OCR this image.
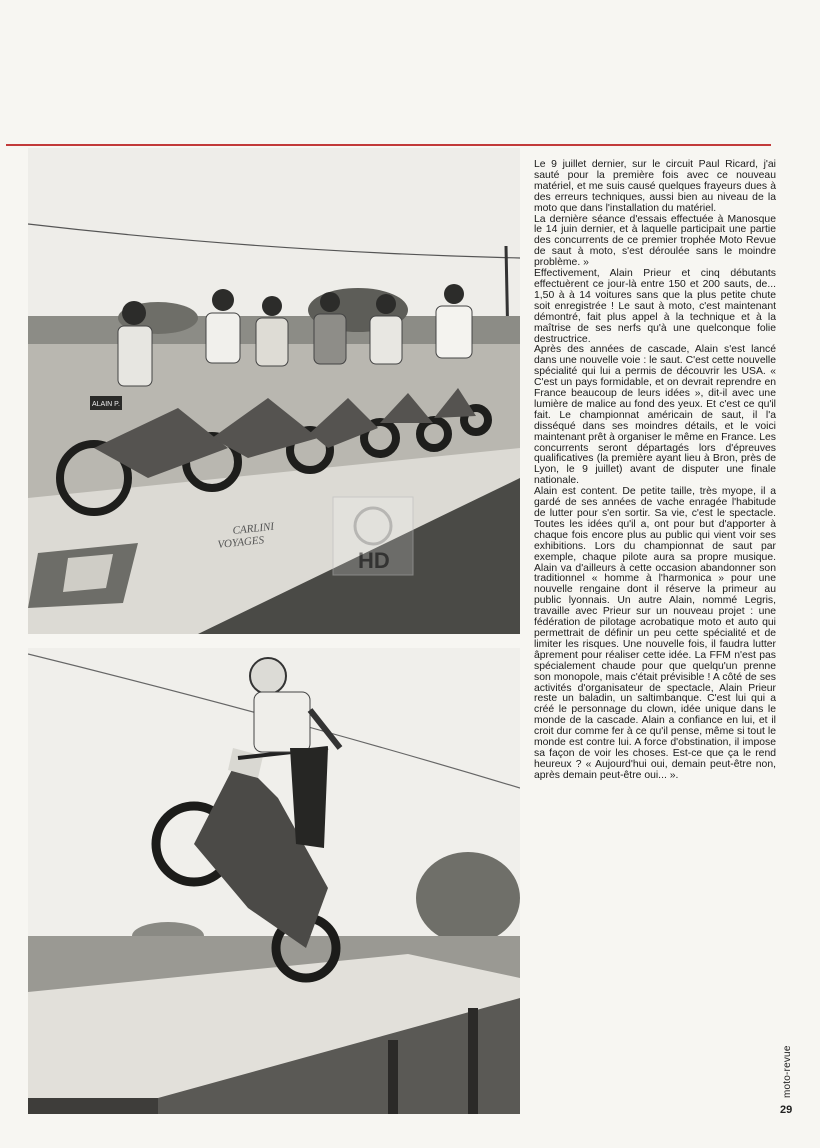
ALAIN P.
CARLINI
VOYAGES
HD

Le 9 juillet dernier, sur le circuit Paul Ricard, j'ai sauté pour la première fois avec ce nouveau matériel, et me suis causé quelques frayeurs dues à des erreurs techniques, aussi bien au niveau de la moto que dans l'installation du matériel.

La dernière séance d'essais effectuée à Manosque le 14 juin dernier, et à laquelle participait une partie des concurrents de ce premier trophée Moto Revue de saut à moto, s'est déroulée sans le moindre problème. »

Effectivement, Alain Prieur et cinq débutants effectuèrent ce jour-là entre 150 et 200 sauts, de... 1,50 à à 14 voitures sans que la plus petite chute soit enregistrée ! Le saut à moto, c'est maintenant démontré, fait plus appel à la technique et à la maîtrise de ses nerfs qu'à une quelconque folie destructrice.

Après des années de cascade, Alain s'est lancé dans une nouvelle voie : le saut. C'est cette nouvelle spécialité qui lui a permis de découvrir les USA. « C'est un pays formidable, et on devrait reprendre en France beaucoup de leurs idées », dit-il avec une lumière de malice au fond des yeux. Et c'est ce qu'il fait. Le championnat américain de saut, il l'a disséqué dans ses moindres détails, et le voici maintenant prêt à organiser le même en France. Les concurrents seront départagés lors d'épreuves qualificatives (la première ayant lieu à Bron, près de Lyon, le 9 juillet) avant de disputer une finale nationale.

Alain est content. De petite taille, très myope, il a gardé de ses années de vache enragée l'habitude de lutter pour s'en sortir. Sa vie, c'est le spectacle. Toutes les idées qu'il a, ont pour but d'apporter à chaque fois encore plus au public qui vient voir ses exhibitions. Lors du championnat de saut par exemple, chaque pilote aura sa propre musique. Alain va d'ailleurs à cette occasion abandonner son traditionnel « homme à l'harmonica » pour une nouvelle rengaine dont il réserve la primeur au public lyonnais. Un autre Alain, nommé Legris, travaille avec Prieur sur un nouveau projet : une fédération de pilotage acrobatique moto et auto qui permettrait de définir un peu cette spécialité et de limiter les risques. Une nouvelle fois, il faudra lutter âprement pour réaliser cette idée. La FFM n'est pas spécialement chaude pour que quelqu'un prenne son monopole, mais c'était prévisible ! A côté de ses activités d'organisateur de spectacle, Alain Prieur reste un baladin, un saltimbanque. C'est lui qui a créé le personnage du clown, idée unique dans le monde de la cascade. Alain a confiance en lui, et il croit dur comme fer à ce qu'il pense, même si tout le monde est contre lui. A force d'obstination, il impose sa façon de voir les choses. Est-ce que ça le rend heureux ? « Aujourd'hui oui, demain peut-être non, après demain peut-être oui... ».

moto-revue
29
